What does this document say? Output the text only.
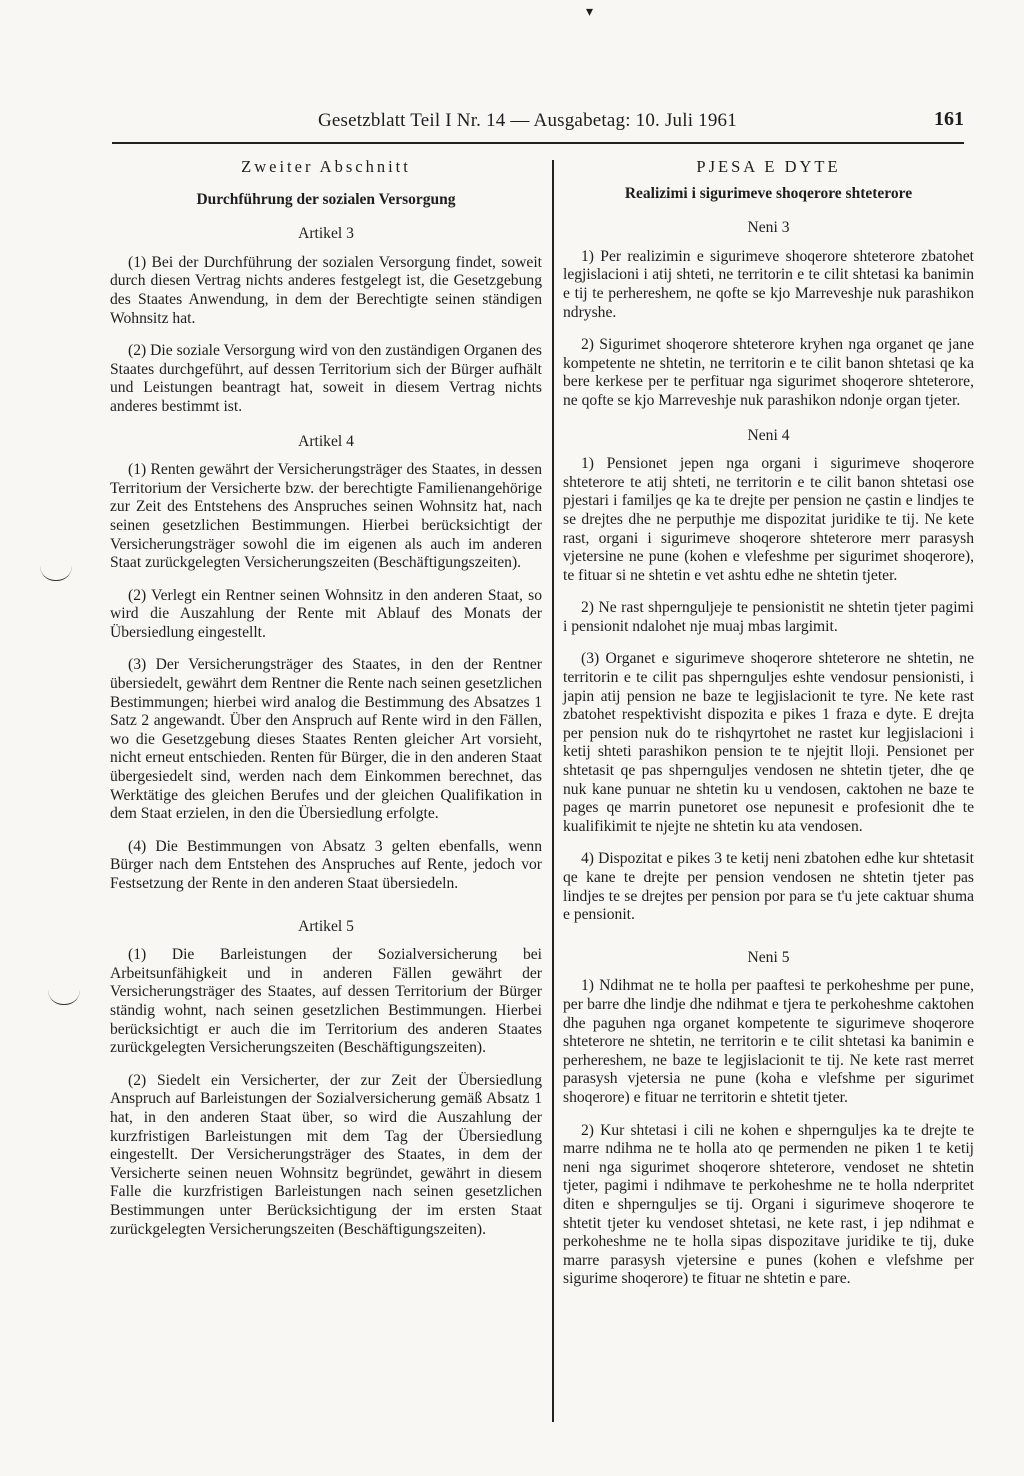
Gesetzblatt Teil I Nr. 14 — Ausgabetag: 10. Juli 1961	161
▾
Zweiter Abschnitt
Durchführung der sozialen Versorgung
Artikel 3

(1) Bei der Durchführung der sozialen Versorgung findet, soweit durch diesen Vertrag nichts anderes festgelegt ist, die Gesetzgebung des Staates Anwendung, in dem der Berechtigte seinen ständigen Wohnsitz hat.

(2) Die soziale Versorgung wird von den zuständigen Organen des Staates durchgeführt, auf dessen Territorium sich der Bürger aufhält und Leistungen beantragt hat, soweit in diesem Vertrag nichts anderes bestimmt ist.

Artikel 4

(1) Renten gewährt der Versicherungsträger des Staates, in dessen Territorium der Versicherte bzw. der berechtigte Familienangehörige zur Zeit des Entstehens des Anspruches seinen Wohnsitz hat, nach seinen gesetzlichen Bestimmungen. Hierbei berücksichtigt der Versicherungsträger sowohl die im eigenen als auch im anderen Staat zurückgelegten Versicherungszeiten (Beschäftigungszeiten).

(2) Verlegt ein Rentner seinen Wohnsitz in den anderen Staat, so wird die Auszahlung der Rente mit Ablauf des Monats der Übersiedlung eingestellt.

(3) Der Versicherungsträger des Staates, in den der Rentner übersiedelt, gewährt dem Rentner die Rente nach seinen gesetzlichen Bestimmungen; hierbei wird analog die Bestimmung des Absatzes 1 Satz 2 angewandt. Über den Anspruch auf Rente wird in den Fällen, wo die Gesetzgebung dieses Staates Renten gleicher Art vorsieht, nicht erneut entschieden. Renten für Bürger, die in den anderen Staat übergesiedelt sind, werden nach dem Einkommen berechnet, das Werktätige des gleichen Berufes und der gleichen Qualifikation in dem Staat erzielen, in den die Übersiedlung erfolgte.

(4) Die Bestimmungen von Absatz 3 gelten ebenfalls, wenn Bürger nach dem Entstehen des Anspruches auf Rente, jedoch vor Festsetzung der Rente in den anderen Staat übersiedeln.

Artikel 5

(1) Die Barleistungen der Sozialversicherung bei Arbeitsunfähigkeit und in anderen Fällen gewährt der Versicherungsträger des Staates, auf dessen Territorium der Bürger ständig wohnt, nach seinen gesetzlichen Bestimmungen. Hierbei berücksichtigt er auch die im Territorium des anderen Staates zurückgelegten Versicherungszeiten (Beschäftigungszeiten).

(2) Siedelt ein Versicherter, der zur Zeit der Übersiedlung Anspruch auf Barleistungen der Sozialversicherung gemäß Absatz 1 hat, in den anderen Staat über, so wird die Auszahlung der kurzfristigen Barleistungen mit dem Tag der Übersiedlung eingestellt. Der Versicherungsträger des Staates, in dem der Versicherte seinen neuen Wohnsitz begründet, gewährt in diesem Falle die kurzfristigen Barleistungen nach seinen gesetzlichen Bestimmungen unter Berücksichtigung der im ersten Staat zurückgelegten Versicherungszeiten (Beschäftigungszeiten).

PJESA E DYTE
Realizimi i sigurimeve shoqerore shteterore
Neni 3

1) Per realizimin e sigurimeve shoqerore shteterore zbatohet legjislacioni i atij shteti, ne territorin e te cilit shtetasi ka banimin e tij te perhereshem, ne qofte se kjo Marreveshje nuk parashikon ndryshe.

2) Sigurimet shoqerore shteterore kryhen nga organet qe jane kompetente ne shtetin, ne territorin e te cilit banon shtetasi qe ka bere kerkese per te perfituar nga sigurimet shoqerore shteterore, ne qofte se kjo Marreveshje nuk parashikon ndonje organ tjeter.

Neni 4

1) Pensionet jepen nga organi i sigurimeve shoqerore shteterore te atij shteti, ne territorin e te cilit banon shtetasi ose pjestari i familjes qe ka te drejte per pension ne çastin e lindjes te se drejtes dhe ne perputhje me dispozitat juridike te tij. Ne kete rast, organi i sigurimeve shoqerore shteterore merr parasysh vjetersine ne pune (kohen e vlefeshme per sigurimet shoqerore), te fituar si ne shtetin e vet ashtu edhe ne shtetin tjeter.

2) Ne rast shpernguljeje te pensionistit ne shtetin tjeter pagimi i pensionit ndalohet nje muaj mbas largimit.

(3) Organet e sigurimeve shoqerore shteterore ne shtetin, ne territorin e te cilit pas shpernguljes eshte vendosur pensionisti, i japin atij pension ne baze te legjislacionit te tyre. Ne kete rast zbatohet respektivisht dispozita e pikes 1 fraza e dyte. E drejta per pension nuk do te rishqyrtohet ne rastet kur legjislacioni i ketij shteti parashikon pension te te njejtit lloji. Pensionet per shtetasit qe pas shpernguljes vendosen ne shtetin tjeter, dhe qe nuk kane punuar ne shtetin ku u vendosen, caktohen ne baze te pages qe marrin punetoret ose nepunesit e profesionit dhe te kualifikimit te njejte ne shtetin ku ata vendosen.

4) Dispozitat e pikes 3 te ketij neni zbatohen edhe kur shtetasit qe kane te drejte per pension vendosen ne shtetin tjeter pas lindjes te se drejtes per pension por para se t'u jete caktuar shuma e pensionit.

Neni 5

1) Ndihmat ne te holla per paaftesi te perkoheshme per pune, per barre dhe lindje dhe ndihmat e tjera te perkoheshme caktohen dhe paguhen nga organet kompetente te sigurimeve shoqerore shteterore ne shtetin, ne territorin e te cilit shtetasi ka banimin e perhereshem, ne baze te legjislacionit te tij. Ne kete rast merret parasysh vjetersia ne pune (koha e vlefshme per sigurimet shoqerore) e fituar ne territorin e shtetit tjeter.

2) Kur shtetasi i cili ne kohen e shpernguljes ka te drejte te marre ndihma ne te holla ato qe permenden ne piken 1 te ketij neni nga sigurimet shoqerore shteterore, vendoset ne shtetin tjeter, pagimi i ndihmave te perkoheshme ne te holla nderpritet diten e shpernguljes se tij. Organi i sigurimeve shoqerore te shtetit tjeter ku vendoset shtetasi, ne kete rast, i jep ndihmat e perkoheshme ne te holla sipas dispozitave juridike te tij, duke marre parasysh vjetersine e punes (kohen e vlefshme per sigurime shoqerore) te fituar ne shtetin e pare.
